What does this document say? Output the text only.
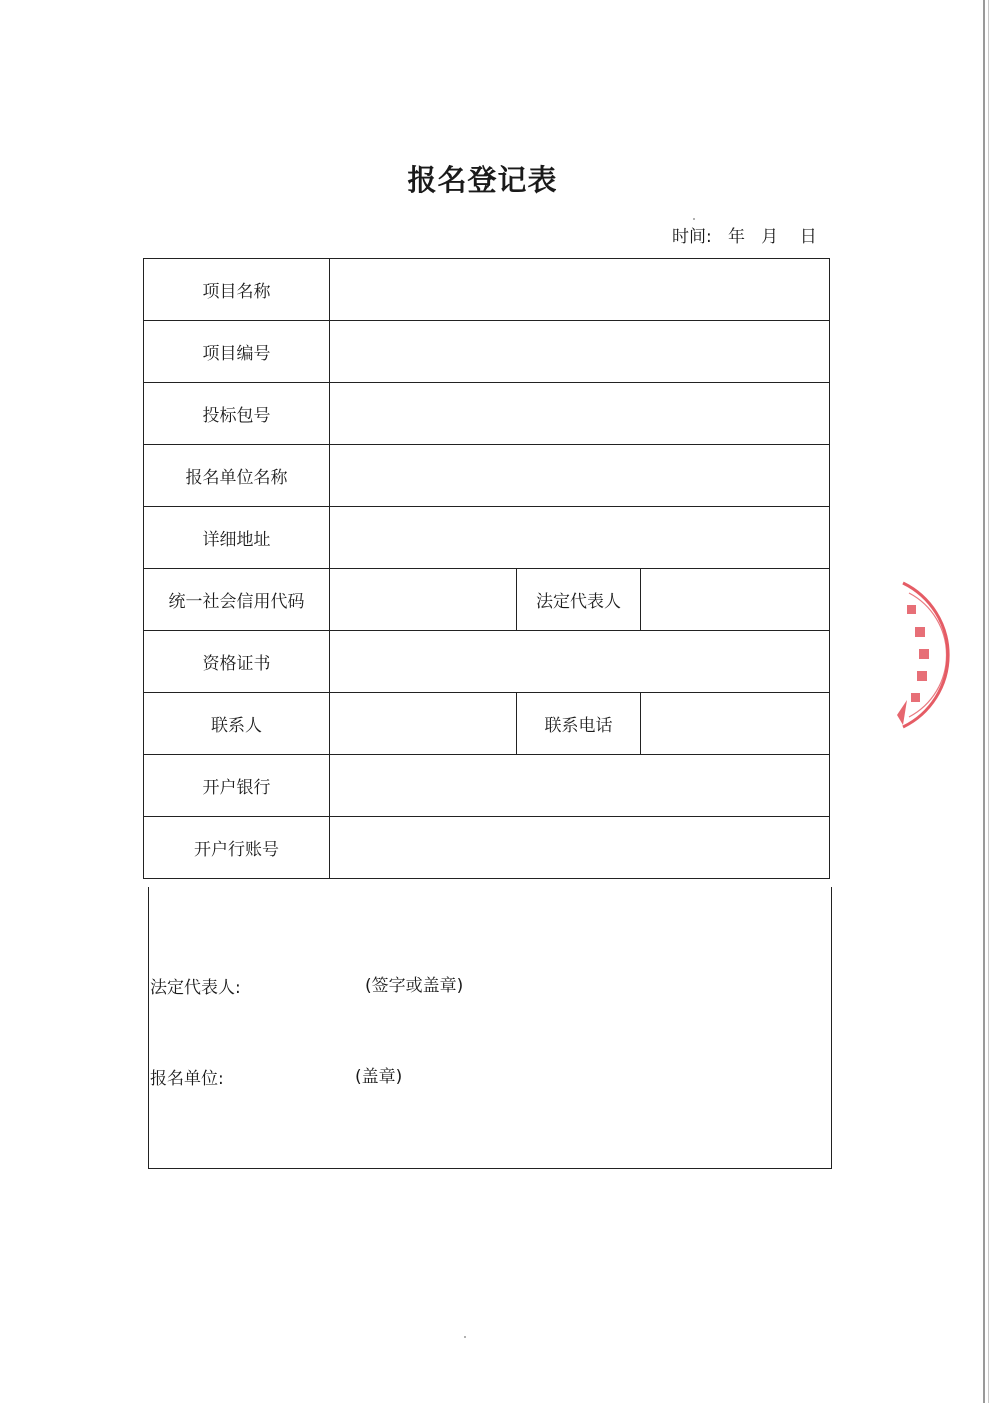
报名登记表
时间:   年   月    日
项目名称			
项目编号			
投标包号			
报名单位名称			
详细地址			
统一社会信用代码		法定代表人	
资格证书			
联系人		联系电话	
开户银行			
开户行账号			
法定代表人:	(签字或盖章)
报名单位:	(盖章)
